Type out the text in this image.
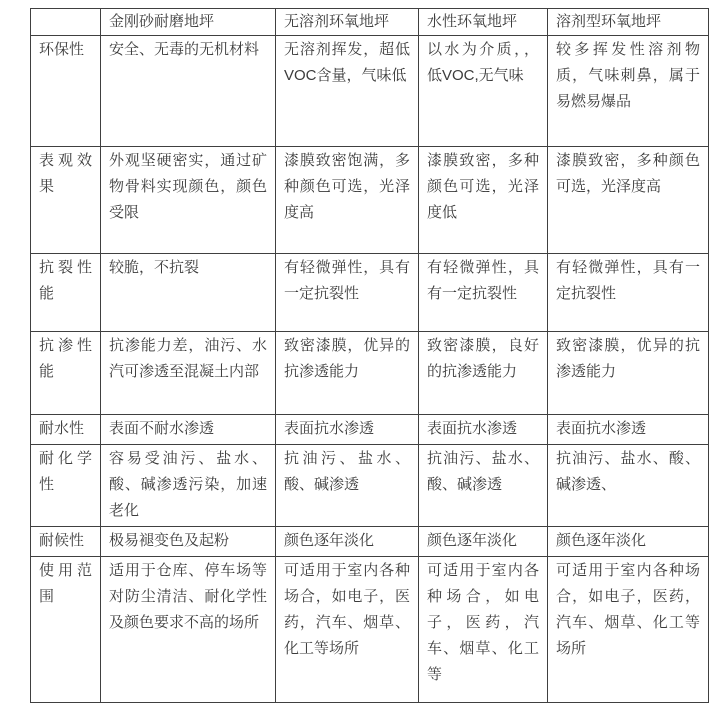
	金刚砂耐磨地坪	无溶剂环氧地坪	水性环氧地坪	溶剂型环氧地坪
环保性	安全、无毒的无机材料	无溶剂挥发，超低VOC含量，气味低	以水为介质，，低VOC,无气味	较多挥发性溶剂物质，气味刺鼻，属于易燃易爆品
表观效果	外观坚硬密实，通过矿物骨料实现颜色，颜色受限	漆膜致密饱满，多种颜色可选，光泽度高	漆膜致密，多种颜色可选，光泽度低	漆膜致密，多种颜色可选，光泽度高
抗裂性能	较脆，不抗裂	有轻微弹性，具有一定抗裂性	有轻微弹性，具有一定抗裂性	有轻微弹性，具有一定抗裂性
抗渗性能	抗渗能力差，油污、水汽可渗透至混凝土内部	致密漆膜，优异的抗渗透能力	致密漆膜，良好的抗渗透能力	致密漆膜，优异的抗渗透能力
耐水性	表面不耐水渗透	表面抗水渗透	表面抗水渗透	表面抗水渗透
耐化学性	容易受油污、盐水、酸、碱渗透污染，加速老化	抗油污、盐水、酸、碱渗透	抗油污、盐水、酸、碱渗透	抗油污、盐水、酸、碱渗透、
耐候性	极易褪变色及起粉	颜色逐年淡化	颜色逐年淡化	颜色逐年淡化
使用范围	适用于仓库、停车场等对防尘清洁、耐化学性及颜色要求不高的场所	可适用于室内各种场合，如电子，医药，汽车、烟草、化工等场所	可适用于室内各种场合，如电子，医药，汽车、烟草、化工等	可适用于室内各种场合，如电子，医药，汽车、烟草、化工等场所
